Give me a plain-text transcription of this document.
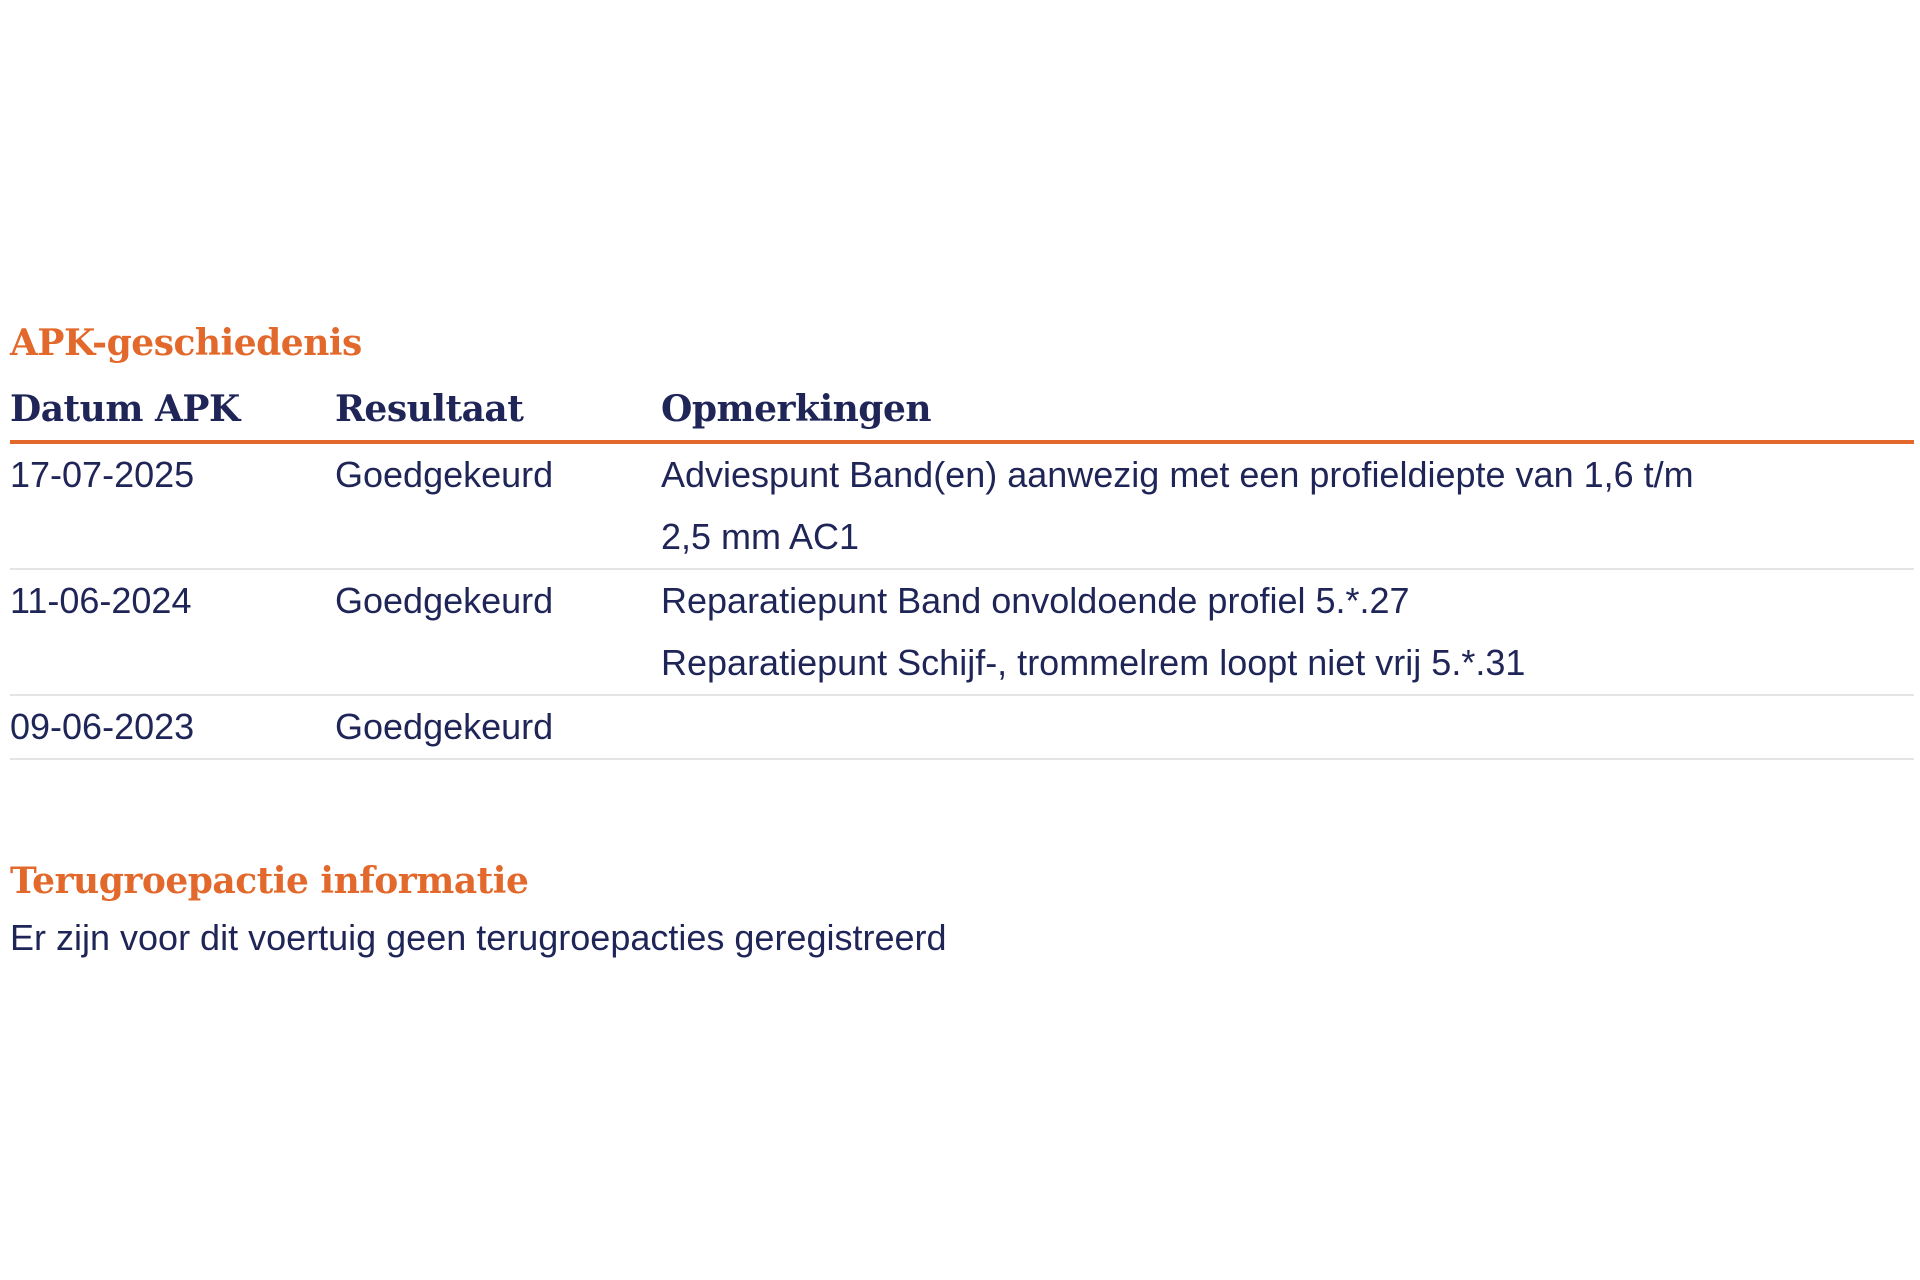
APK-geschiedenis
Datum APK	Resultaat	Opmerkingen
17-07-2025	Goedgekeurd	Adviespunt Band(en) aanwezig met een profieldiepte van 1,6 t/m
2,5 mm AC1

11-06-2024	Goedgekeurd	Reparatiepunt Band onvoldoende profiel 5.*.27
Reparatiepunt Schijf-, trommelrem loopt niet vrij 5.*.31

09-06-2023	Goedgekeurd	
Terugroepactie informatie

Er zijn voor dit voertuig geen terugroepacties geregistreerd
